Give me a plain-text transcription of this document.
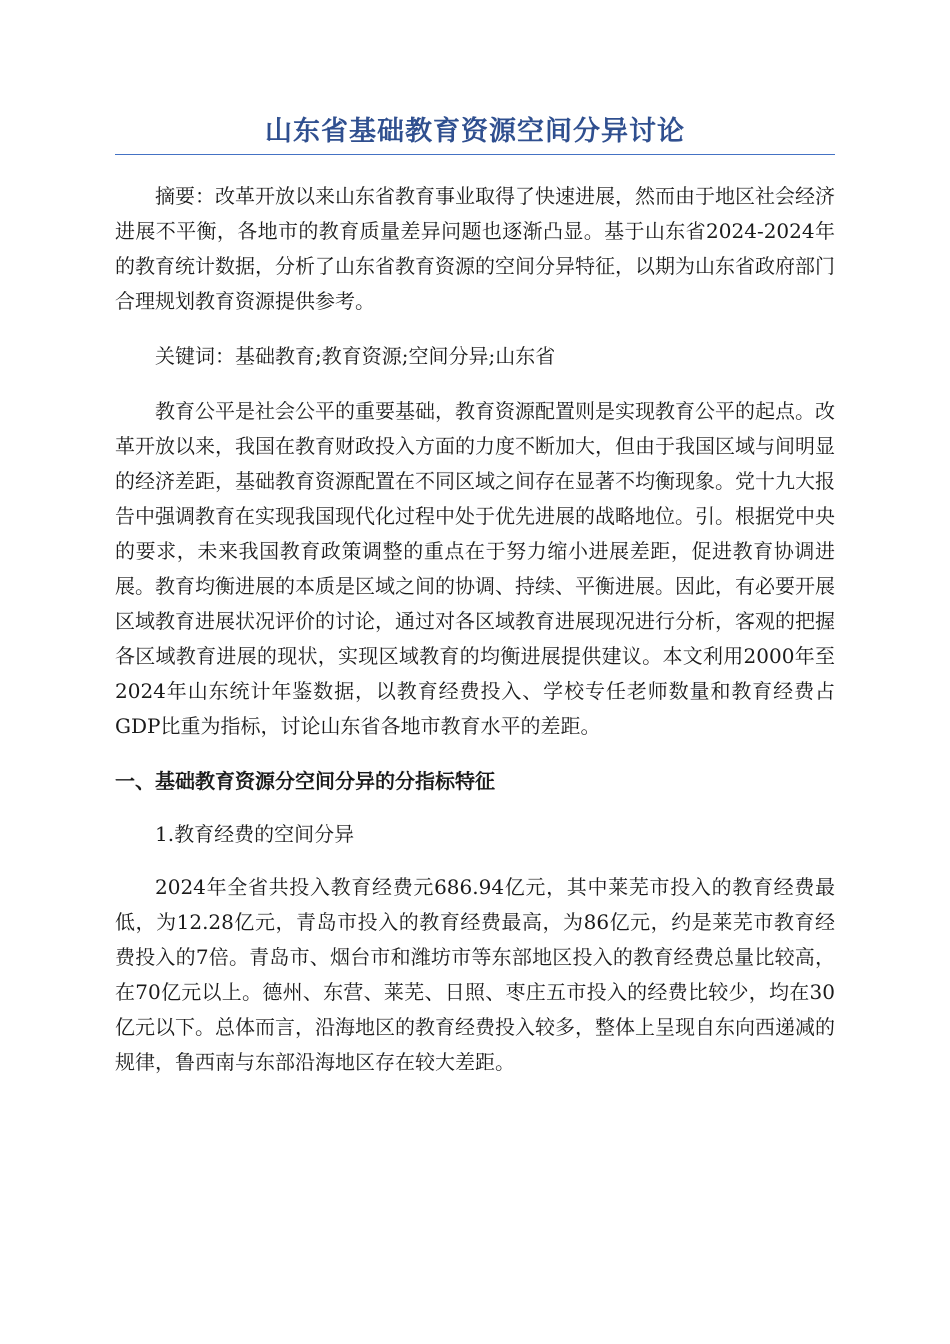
山东省基础教育资源空间分异讨论

摘要：改革开放以来山东省教育事业取得了快速进展，然而由于地区社会经济进展不平衡，各地市的教育质量差异问题也逐渐凸显。基于山东省2024-2024年的教育统计数据，分析了山东省教育资源的空间分异特征，以期为山东省政府部门合理规划教育资源提供参考。

关键词：基础教育;教育资源;空间分异;山东省

教育公平是社会公平的重要基础，教育资源配置则是实现教育公平的起点。改革开放以来，我国在教育财政投入方面的力度不断加大，但由于我国区域与间明显的经济差距，基础教育资源配置在不同区域之间存在显著不均衡现象。党十九大报告中强调教育在实现我国现代化过程中处于优先进展的战略地位。引。根据党中央的要求，未来我国教育政策调整的重点在于努力缩小进展差距，促进教育协调进展。教育均衡进展的本质是区域之间的协调、持续、平衡进展。因此，有必要开展区域教育进展状况评价的讨论，通过对各区域教育进展现况进行分析，客观的把握各区域教育进展的现状，实现区域教育的均衡进展提供建议。本文利用2000年至2024年山东统计年鉴数据，以教育经费投入、学校专任老师数量和教育经费占GDP比重为指标，讨论山东省各地市教育水平的差距。

一、基础教育资源分空间分异的分指标特征

1.教育经费的空间分异

2024年全省共投入教育经费元686.94亿元，其中莱芜市投入的教育经费最低，为12.28亿元，青岛市投入的教育经费最高，为86亿元，约是莱芜市教育经费投入的7倍。青岛市、烟台市和潍坊市等东部地区投入的教育经费总量比较高，在70亿元以上。德州、东营、莱芜、日照、枣庄五市投入的经费比较少，均在30亿元以下。总体而言，沿海地区的教育经费投入较多，整体上呈现自东向西递减的规律，鲁西南与东部沿海地区存在较大差距。
